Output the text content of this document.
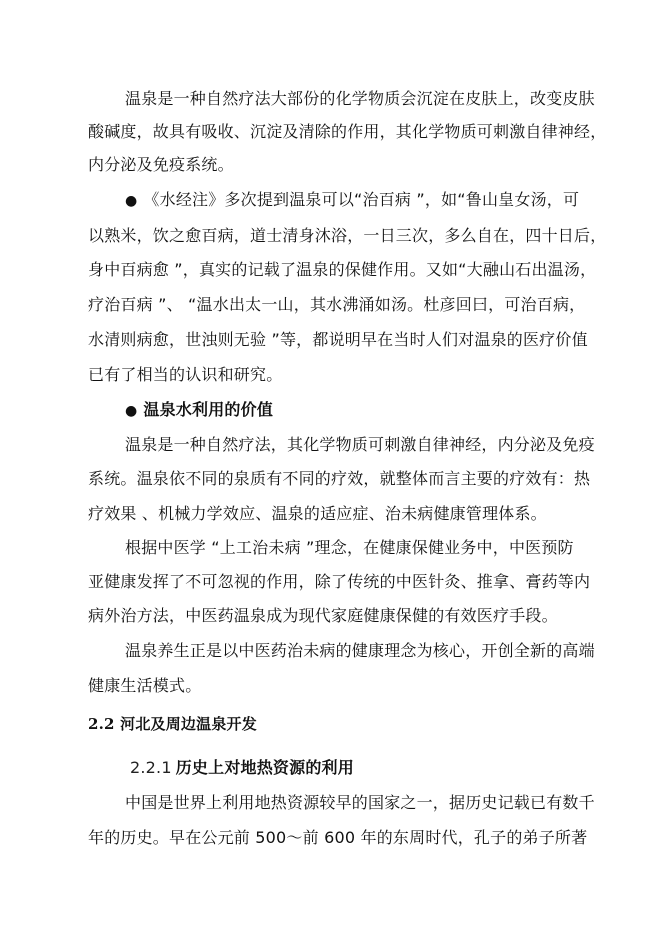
温泉是一种自然疗法大部份的化学物质会沉淀在皮肤上，改变皮肤
酸碱度，故具有吸收、沉淀及清除的作用，其化学物质可刺激自律神经，
内分泌及免疫系统。
● 《水经注》多次提到温泉可以“治百病 ”，如“鲁山皇女汤，可
以熟米，饮之愈百病，道士清身沐浴，一日三次，多么自在，四十日后，
身中百病愈 ”，真实的记载了温泉的保健作用。又如“大融山石出温汤，
疗治百病 ”、 “温水出太一山，其水沸涌如汤。杜彦回曰，可治百病，
水清则病愈，世浊则无验 ”等，都说明早在当时人们对温泉的医疗价值
已有了相当的认识和研究。
● 温泉水利用的价值
温泉是一种自然疗法，其化学物质可刺激自律神经，内分泌及免疫
系统。温泉依不同的泉质有不同的疗效，就整体而言主要的疗效有：热
疗效果 、机械力学效应、温泉的适应症、治未病健康管理体系。
根据中医学 “上工治未病 ”理念，在健康保健业务中，中医预防
亚健康发挥了不可忽视的作用，除了传统的中医针灸、推拿、膏药等内
病外治方法，中医药温泉成为现代家庭健康保健的有效医疗手段。
温泉养生正是以中医药治未病的健康理念为核心，开创全新的高端
健康生活模式。
2.2 河北及周边温泉开发
2.2.1 历史上对地热资源的利用
中国是世界上利用地热资源较早的国家之一，据历史记载已有数千
年的历史。早在公元前 500～前 600 年的东周时代，孔子的弟子所著
